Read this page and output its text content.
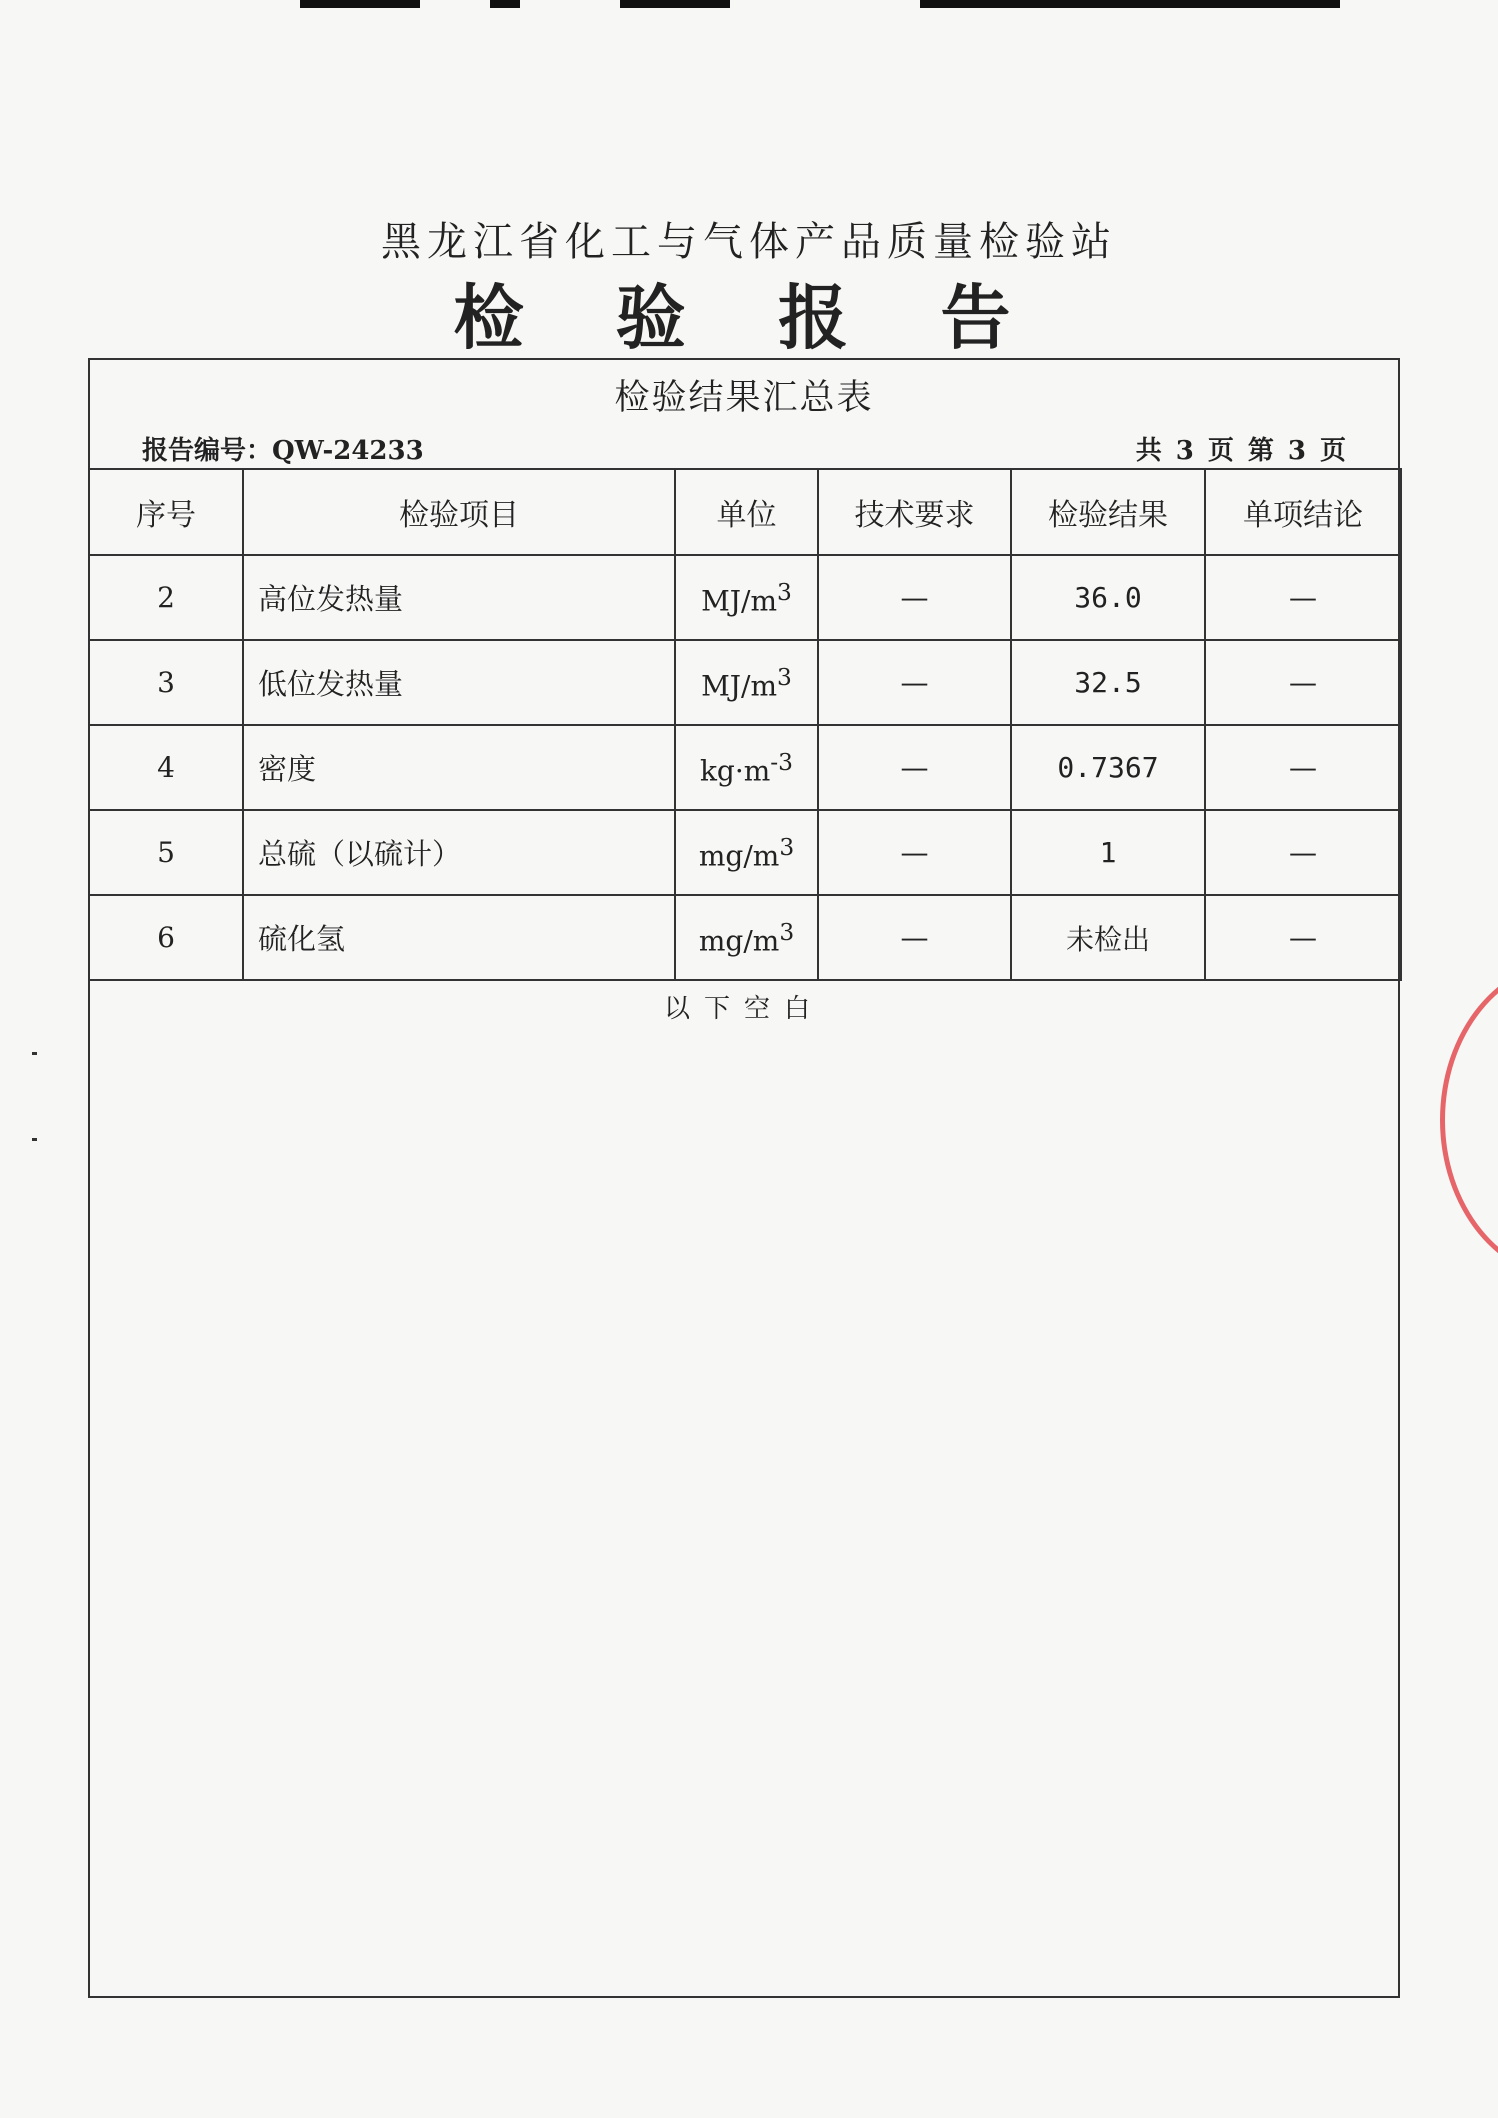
黑龙江省化工与气体产品质量检验站
检 验 报 告
检验结果汇总表
报告编号：QW-24233	共 3 页 第 3 页
序号	检验项目	单位	技术要求	检验结果	单项结论
2	高位发热量	$MJ/m^3$	—	36.0	—
3	低位发热量	$MJ/m^3$	—	32.5	—
4	密度	$kg\cdot m^{-3}$	—	0.7367	—
5	总硫（以硫计）	$mg/m^3$	—	1	—
6	硫化氢	$mg/m^3$	—	未检出	—
以下空白
